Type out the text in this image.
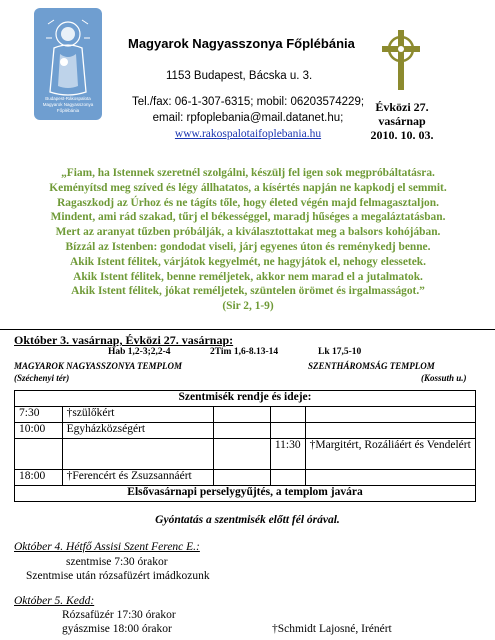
Budapest-Rákospalota
Magyarok Nagyasszonya
Főplébánia
Magyarok Nagyasszonya Főplébánia
1153 Budapest, Bácska u. 3.
Tel./fax: 06-1-307-6315; mobil: 06203574229;
email: rpfoplebania@mail.datanet.hu;
www.rakospalotaifoplebania.hu
Évközi 27.
vasárnap
2010. 10. 03.
„Fiam, ha Istennek szeretnél szolgálni, készülj fel igen sok megpróbáltatásra.
Keményítsd meg szíved és légy állhatatos, a kísértés napján ne kapkodj el semmit.
Ragaszkodj az Úrhoz és ne tágíts tőle, hogy életed végén majd felmagasztaljon.
Mindent, ami rád szakad, tűrj el békességgel, maradj hűséges a megaláztatásban.
Mert az aranyat tűzben próbálják, a kiválasztottakat meg a balsors kohójában.
Bízzál az Istenben: gondodat viseli, járj egyenes úton és reménykedj benne.
Akik Istent félitek, várjátok kegyelmét, ne hagyjátok el, nehogy elessetek.
Akik Istent félitek, benne reméljetek, akkor nem marad el a jutalmatok.
Akik Istent félitek, jókat reméljetek, szüntelen örömet és irgalmasságot.”
(Sir 2, 1-9)
Október 3. vasárnap, Évközi 27. vasárnap:
Hab 1,2-3;2,2-4	2Tim 1,6-8.13-14	Lk 17,5-10
MAGYAROK NAGYASSZONYA TEMPLOM	SZENTHÁROMSÁG TEMPLOM
(Széchenyi tér)	(Kossuth u.)
Szentmisék rendje és ideje:				
7:30	†szülőkért			
10:00	Egyházközségért			
			11:30	†Margitért, Rozáliáért és Vendelért
18:00	†Ferencért és Zsuzsannáért			
Elsővasárnapi perselygyűjtés, a templom javára				
Gyóntatás a szentmisék előtt fél órával.
Október 4. Hétfő Assisi Szent Ferenc E.:
szentmise 7:30 órakor
Szentmise után rózsafüzért imádkozunk
Október 5. Kedd:
Rózsafüzér 17:30 órakor
gyászmise 18:00 órakor	†Schmidt Lajosné, Irénért
